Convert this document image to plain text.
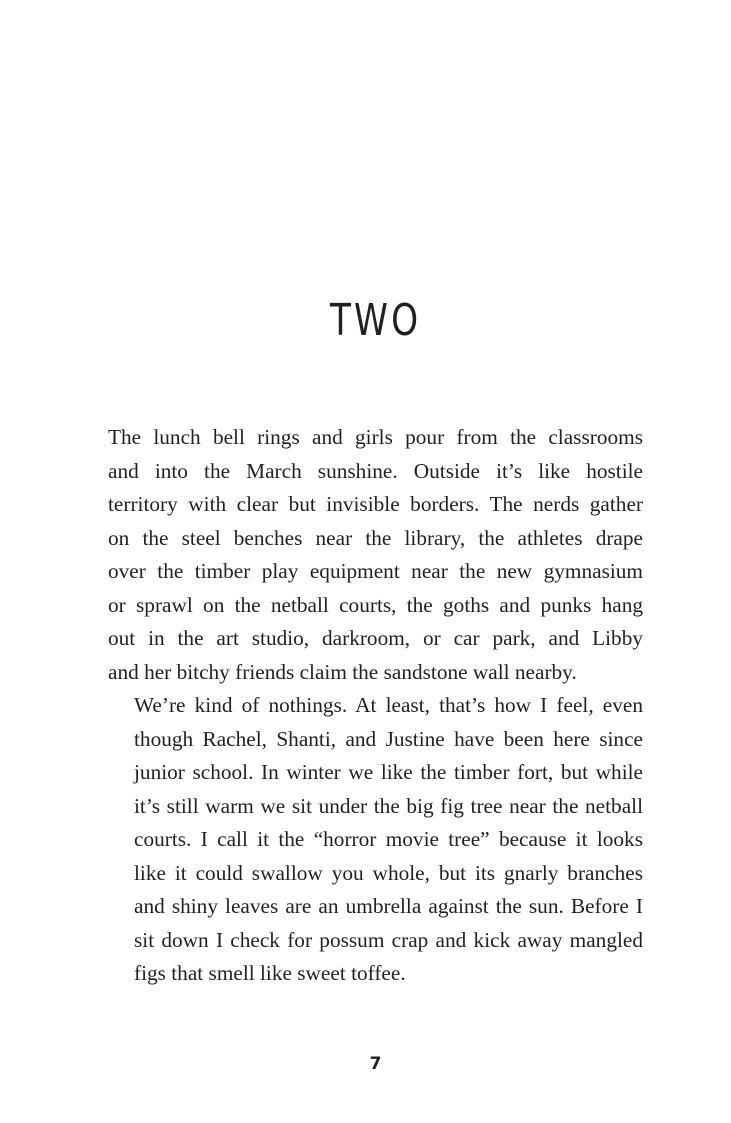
TWO

The lunch bell rings and girls pour from the classrooms
and into the March sunshine. Outside it’s like hostile
territory with clear but invisible borders. The nerds gather
on the steel benches near the library, the athletes drape
over the timber play equipment near the new gymnasium
or sprawl on the netball courts, the goths and punks hang
out in the art studio, darkroom, or car park, and Libby
and her bitchy friends claim the sandstone wall nearby.

We’re kind of nothings. At least, that’s how I feel, even
though Rachel, Shanti, and Justine have been here since
junior school. In winter we like the timber fort, but while
it’s still warm we sit under the big fig tree near the netball
courts. I call it the “horror movie tree” because it looks
like it could swallow you whole, but its gnarly branches
and shiny leaves are an umbrella against the sun. Before I
sit down I check for possum crap and kick away mangled
figs that smell like sweet toffee.

7
